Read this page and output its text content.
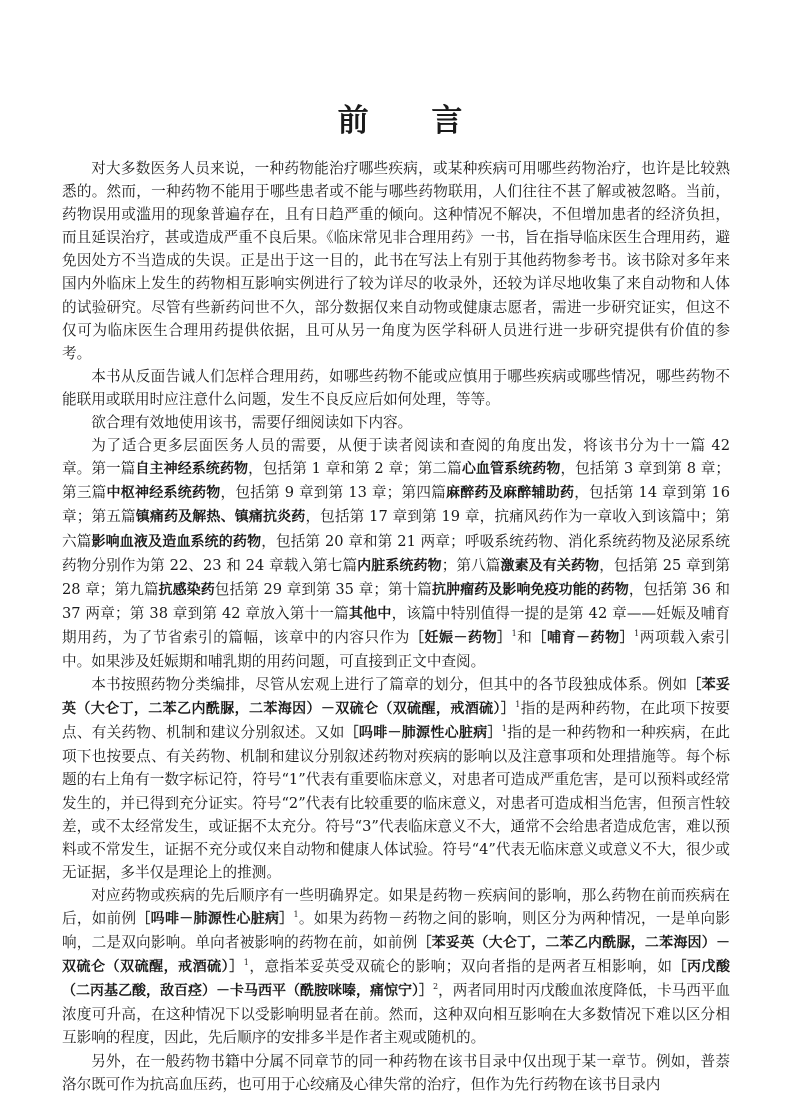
前 言

对大多数医务人员来说，一种药物能治疗哪些疾病，或某种疾病可用哪些药物治疗，也许是比较熟悉的。然而，一种药物不能用于哪些患者或不能与哪些药物联用，人们往往不甚了解或被忽略。当前，药物误用或滥用的现象普遍存在，且有日趋严重的倾向。这种情况不解决，不但增加患者的经济负担，而且延误治疗，甚或造成严重不良后果。《临床常见非合理用药》一书，旨在指导临床医生合理用药，避免因处方不当造成的失误。正是出于这一目的，此书在写法上有别于其他药物参考书。该书除对多年来国内外临床上发生的药物相互影响实例进行了较为详尽的收录外，还较为详尽地收集了来自动物和人体的试验研究。尽管有些新药问世不久，部分数据仅来自动物或健康志愿者，需进一步研究证实，但这不仅可为临床医生合理用药提供依据，且可从另一角度为医学科研人员进行进一步研究提供有价值的参考。

本书从反面告诫人们怎样合理用药，如哪些药物不能或应慎用于哪些疾病或哪些情况，哪些药物不能联用或联用时应注意什么问题，发生不良反应后如何处理，等等。

欲合理有效地使用该书，需要仔细阅读如下内容。

为了适合更多层面医务人员的需要，从便于读者阅读和查阅的角度出发，将该书分为十一篇 42 章。第一篇自主神经系统药物，包括第 1 章和第 2 章；第二篇心血管系统药物，包括第 3 章到第 8 章；第三篇中枢神经系统药物，包括第 9 章到第 13 章；第四篇麻醉药及麻醉辅助药，包括第 14 章到第 16 章；第五篇镇痛药及解热、镇痛抗炎药，包括第 17 章到第 19 章，抗痛风药作为一章收入到该篇中；第六篇影响血液及造血系统的药物，包括第 20 章和第 21 两章；呼吸系统药物、消化系统药物及泌尿系统药物分别作为第 22、23 和 24 章载入第七篇内脏系统药物；第八篇激素及有关药物，包括第 25 章到第 28 章；第九篇抗感染药包括第 29 章到第 35 章；第十篇抗肿瘤药及影响免疫功能的药物，包括第 36 和 37 两章；第 38 章到第 42 章放入第十一篇其他中，该篇中特别值得一提的是第 42 章——妊娠及哺育期用药，为了节省索引的篇幅，该章中的内容只作为［妊娠－药物］$^1$和［哺育－药物］$^1$两项载入索引中。如果涉及妊娠期和哺乳期的用药问题，可直接到正文中查阅。

本书按照药物分类编排，尽管从宏观上进行了篇章的划分，但其中的各节段独成体系。例如［苯妥英（大仑丁，二苯乙内酰脲，二苯海因）－双硫仑（双硫醒，戒酒硫）］$^1$指的是两种药物，在此项下按要点、有关药物、机制和建议分别叙述。又如［吗啡－肺源性心脏病］$^1$指的是一种药物和一种疾病，在此项下也按要点、有关药物、机制和建议分别叙述药物对疾病的影响以及注意事项和处理措施等。每个标题的右上角有一数字标记符，符号“1”代表有重要临床意义，对患者可造成严重危害，是可以预料或经常发生的，并已得到充分证实。符号“2”代表有比较重要的临床意义，对患者可造成相当危害，但预言性较差，或不太经常发生，或证据不太充分。符号“3”代表临床意义不大，通常不会给患者造成危害，难以预料或不常发生，证据不充分或仅来自动物和健康人体试验。符号“4”代表无临床意义或意义不大，很少或无证据，多半仅是理论上的推测。

对应药物或疾病的先后顺序有一些明确界定。如果是药物－疾病间的影响，那么药物在前而疾病在后，如前例［吗啡－肺源性心脏病］$^1$。如果为药物－药物之间的影响，则区分为两种情况，一是单向影响，二是双向影响。单向者被影响的药物在前，如前例［苯妥英（大仑丁，二苯乙内酰脲，二苯海因）－双硫仑（双硫醒，戒酒硫）］$^1$，意指苯妥英受双硫仑的影响；双向者指的是两者互相影响，如［丙戊酸（二丙基乙酸，敌百痉）－卡马西平（酰胺咪嗪，痛惊宁）］$^2$，两者同用时丙戊酸血浓度降低，卡马西平血浓度可升高，在这种情况下以受影响明显者在前。然而，这种双向相互影响在大多数情况下难以区分相互影响的程度，因此，先后顺序的安排多半是作者主观或随机的。

另外，在一般药物书籍中分属不同章节的同一种药物在该书目录中仅出现于某一章节。例如，普萘洛尔既可作为抗高血压药，也可用于心绞痛及心律失常的治疗，但作为先行药物在该书目录内
